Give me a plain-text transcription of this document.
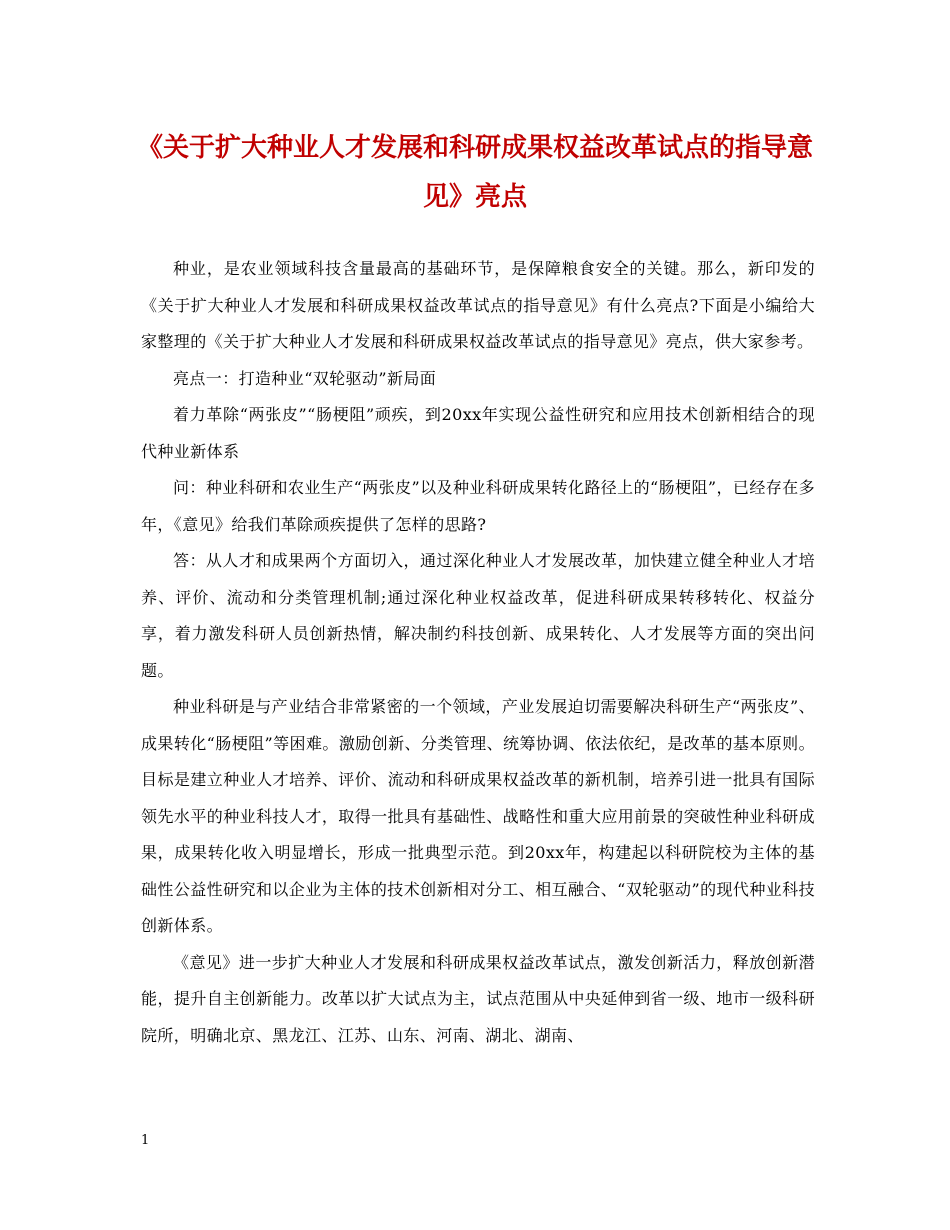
《关于扩大种业人才发展和科研成果权益改革试点的指导意见》亮点

种业，是农业领域科技含量最高的基础环节，是保障粮食安全的关键。那么，新印发的《关于扩大种业人才发展和科研成果权益改革试点的指导意见》有什么亮点?下面是小编给大家整理的《关于扩大种业人才发展和科研成果权益改革试点的指导意见》亮点，供大家参考。

亮点一：打造种业“双轮驱动”新局面

着力革除“两张皮”“肠梗阻”顽疾，到20xx年实现公益性研究和应用技术创新相结合的现代种业新体系

问：种业科研和农业生产“两张皮”以及种业科研成果转化路径上的“肠梗阻”，已经存在多年，《意见》给我们革除顽疾提供了怎样的思路?

答：从人才和成果两个方面切入，通过深化种业人才发展改革，加快建立健全种业人才培养、评价、流动和分类管理机制;通过深化种业权益改革，促进科研成果转移转化、权益分享，着力激发科研人员创新热情，解决制约科技创新、成果转化、人才发展等方面的突出问题。

种业科研是与产业结合非常紧密的一个领域，产业发展迫切需要解决科研生产“两张皮”、成果转化“肠梗阻”等困难。激励创新、分类管理、统筹协调、依法依纪，是改革的基本原则。目标是建立种业人才培养、评价、流动和科研成果权益改革的新机制，培养引进一批具有国际领先水平的种业科技人才，取得一批具有基础性、战略性和重大应用前景的突破性种业科研成果，成果转化收入明显增长，形成一批典型示范。到20xx年，构建起以科研院校为主体的基础性公益性研究和以企业为主体的技术创新相对分工、相互融合、“双轮驱动”的现代种业科技创新体系。

《意见》进一步扩大种业人才发展和科研成果权益改革试点，激发创新活力，释放创新潜能，提升自主创新能力。改革以扩大试点为主，试点范围从中央延伸到省一级、地市一级科研院所，明确北京、黑龙江、江苏、山东、河南、湖北、湖南、

1
